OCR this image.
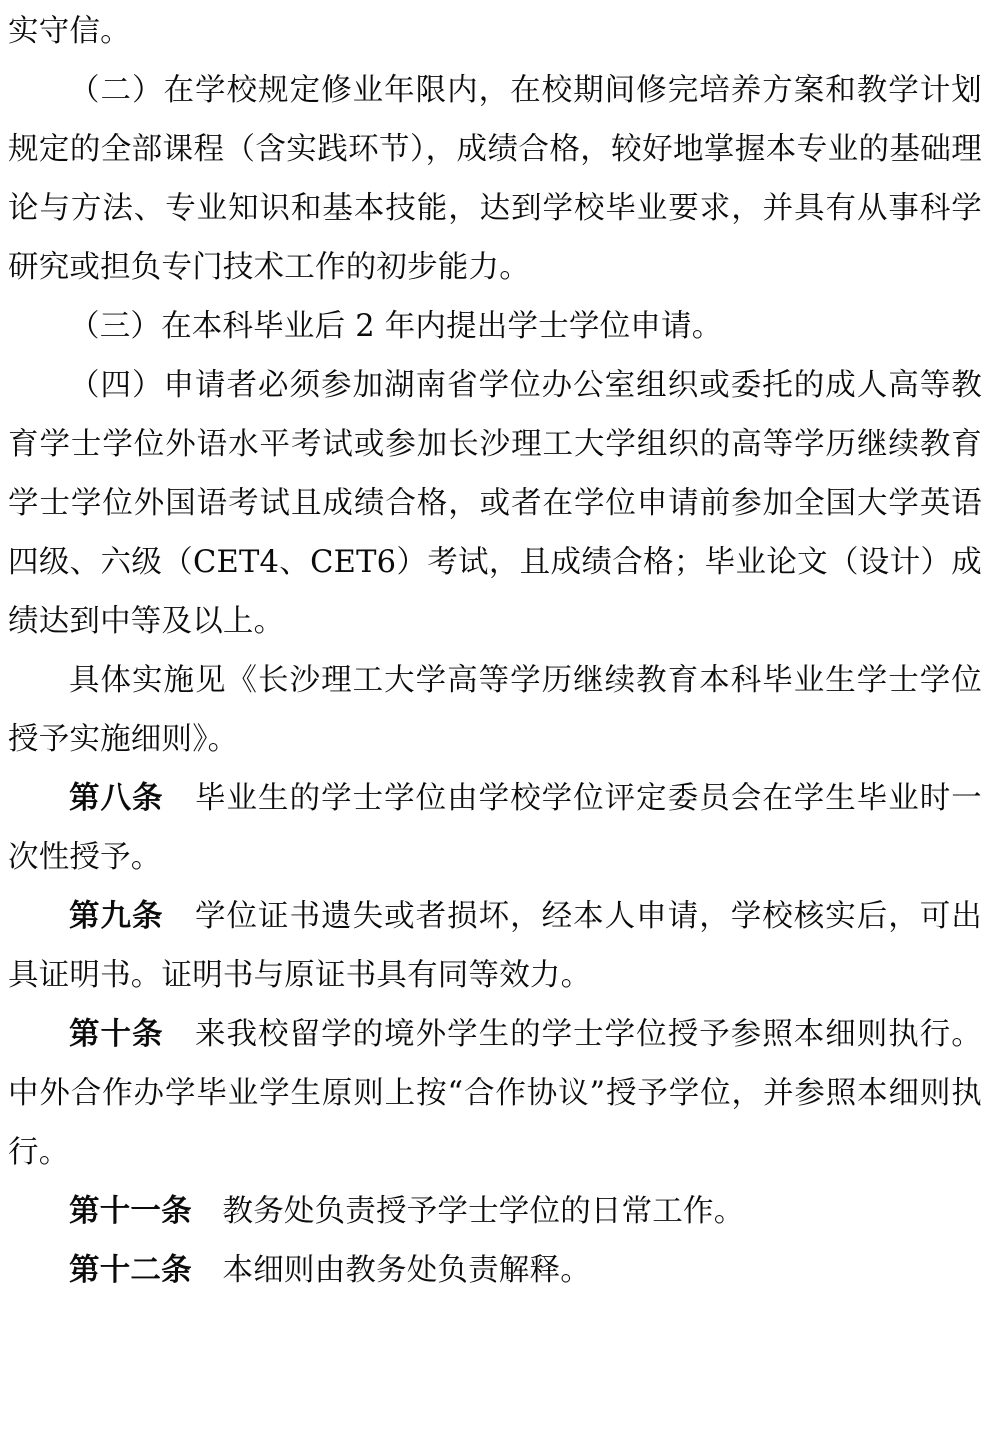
实守信。

（二）在学校规定修业年限内，在校期间修完培养方案和教学计划规定的全部课程（含实践环节），成绩合格，较好地掌握本专业的基础理论与方法、专业知识和基本技能，达到学校毕业要求，并具有从事科学研究或担负专门技术工作的初步能力。

（三）在本科毕业后 2 年内提出学士学位申请。

（四）申请者必须参加湖南省学位办公室组织或委托的成人高等教育学士学位外语水平考试或参加长沙理工大学组织的高等学历继续教育学士学位外国语考试且成绩合格，或者在学位申请前参加全国大学英语四级、六级（CET4、CET6）考试，且成绩合格；毕业论文（设计）成绩达到中等及以上。

具体实施见《长沙理工大学高等学历继续教育本科毕业生学士学位授予实施细则》。

第八条　毕业生的学士学位由学校学位评定委员会在学生毕业时一次性授予。

第九条　学位证书遗失或者损坏，经本人申请，学校核实后，可出具证明书。证明书与原证书具有同等效力。

第十条　来我校留学的境外学生的学士学位授予参照本细则执行。中外合作办学毕业学生原则上按“合作协议”授予学位，并参照本细则执行。

第十一条　教务处负责授予学士学位的日常工作。

第十二条　本细则由教务处负责解释。
